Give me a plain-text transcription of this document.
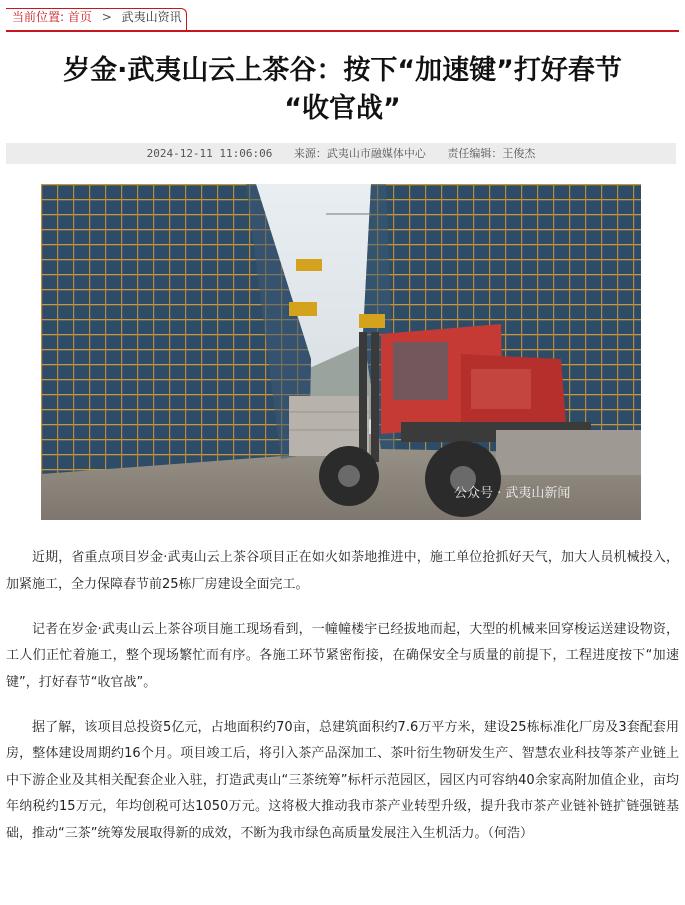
当前位置: 首页 > 武夷山资讯
岁金·武夷山云上茶谷：按下“加速键”打好春节
“收官战”
2024-12-11 11:06:06 来源：武夷山市融媒体中心 责任编辑：王俊杰
公众号 · 武夷山新闻

近期，省重点项目岁金·武夷山云上茶谷项目正在如火如荼地推进中，施工单位抢抓好天气，加大人员机械投入，加紧施工，全力保障春节前25栋厂房建设全面完工。

记者在岁金·武夷山云上茶谷项目施工现场看到，一幢幢楼宇已经拔地而起，大型的机械来回穿梭运送建设物资，工人们正忙着施工，整个现场繁忙而有序。各施工环节紧密衔接，在确保安全与质量的前提下，工程进度按下“加速键”，打好春节“收官战”。

据了解，该项目总投资5亿元，占地面积约70亩，总建筑面积约7.6万平方米，建设25栋标准化厂房及3套配套用房，整体建设周期约16个月。项目竣工后，将引入茶产品深加工、茶叶衍生物研发生产、智慧农业科技等茶产业链上中下游企业及其相关配套企业入驻，打造武夷山“三茶统筹”标杆示范园区，园区内可容纳40余家高附加值企业，亩均年纳税约15万元，年均创税可达1050万元。这将极大推动我市茶产业转型升级，提升我市茶产业链补链扩链强链基础，推动“三茶”统筹发展取得新的成效，不断为我市绿色高质量发展注入生机活力。（何浩）
